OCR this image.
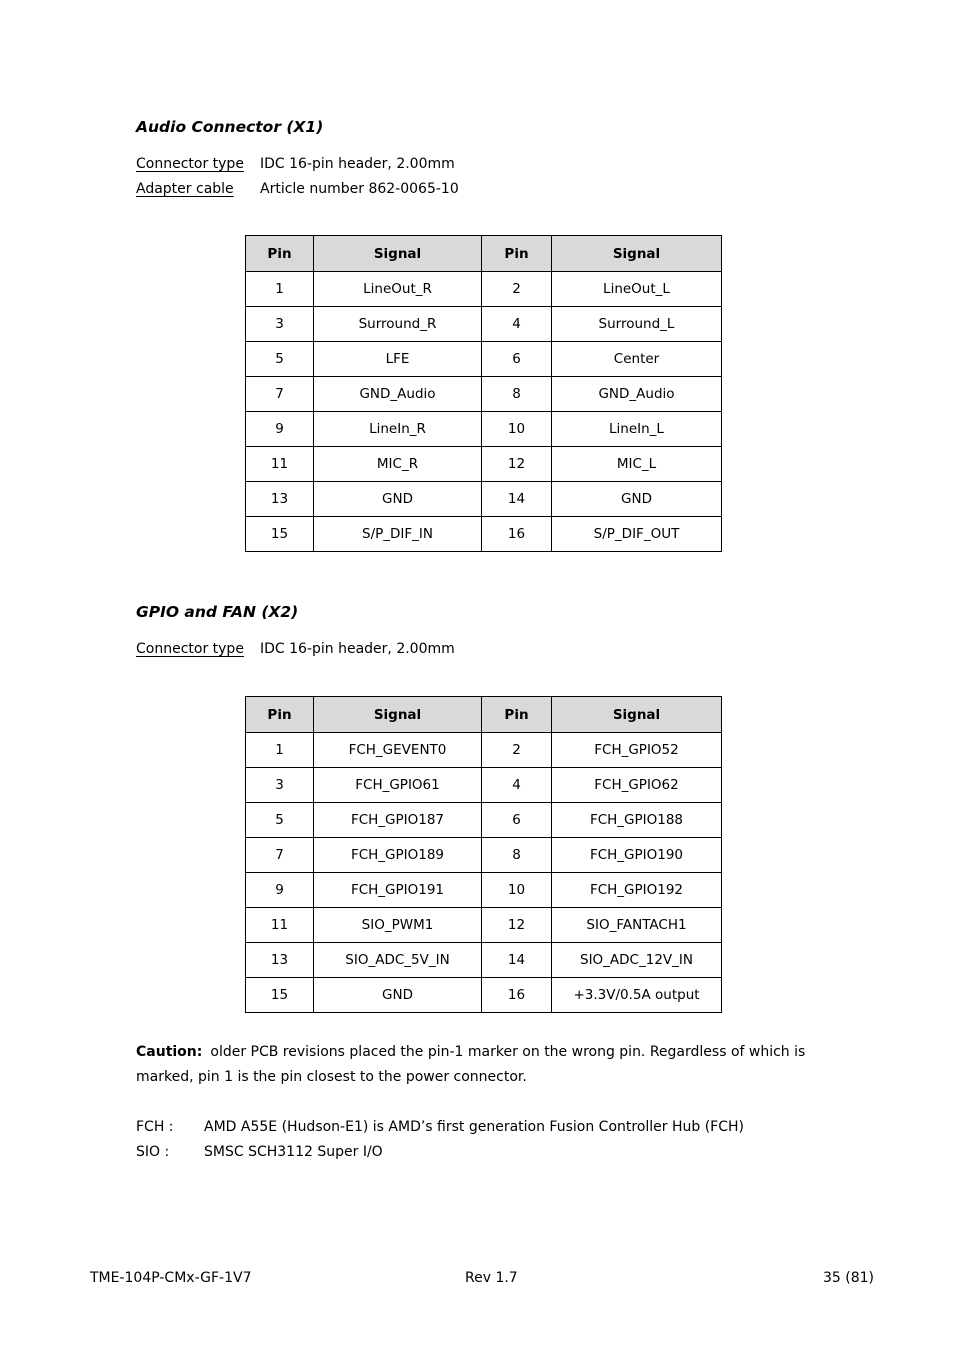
Audio Connector (X1)
Connector type IDC 16-pin header, 2.00mm
Adapter cable Article number 862-0065-10
Pin	Signal	Pin	Signal
1	LineOut_R	2	LineOut_L
3	Surround_R	4	Surround_L
5	LFE	6	Center
7	GND_Audio	8	GND_Audio
9	LineIn_R	10	LineIn_L
11	MIC_R	12	MIC_L
13	GND	14	GND
15	S/P_DIF_IN	16	S/P_DIF_OUT
GPIO and FAN (X2)
Connector type IDC 16-pin header, 2.00mm
Pin	Signal	Pin	Signal
1	FCH_GEVENT0	2	FCH_GPIO52
3	FCH_GPIO61	4	FCH_GPIO62
5	FCH_GPIO187	6	FCH_GPIO188
7	FCH_GPIO189	8	FCH_GPIO190
9	FCH_GPIO191	10	FCH_GPIO192
11	SIO_PWM1	12	SIO_FANTACH1
13	SIO_ADC_5V_IN	14	SIO_ADC_12V_IN
15	GND	16	+3.3V/0.5A output
Caution: older PCB revisions placed the pin-1 marker on the wrong pin. Regardless of which is marked, pin 1 is the pin closest to the power connector.
FCH : AMD A55E (Hudson-E1) is AMD’s first generation Fusion Controller Hub (FCH)
SIO : SMSC SCH3112 Super I/O
TME-104P-CMx-GF-1V7	Rev 1.7	35 (81)
